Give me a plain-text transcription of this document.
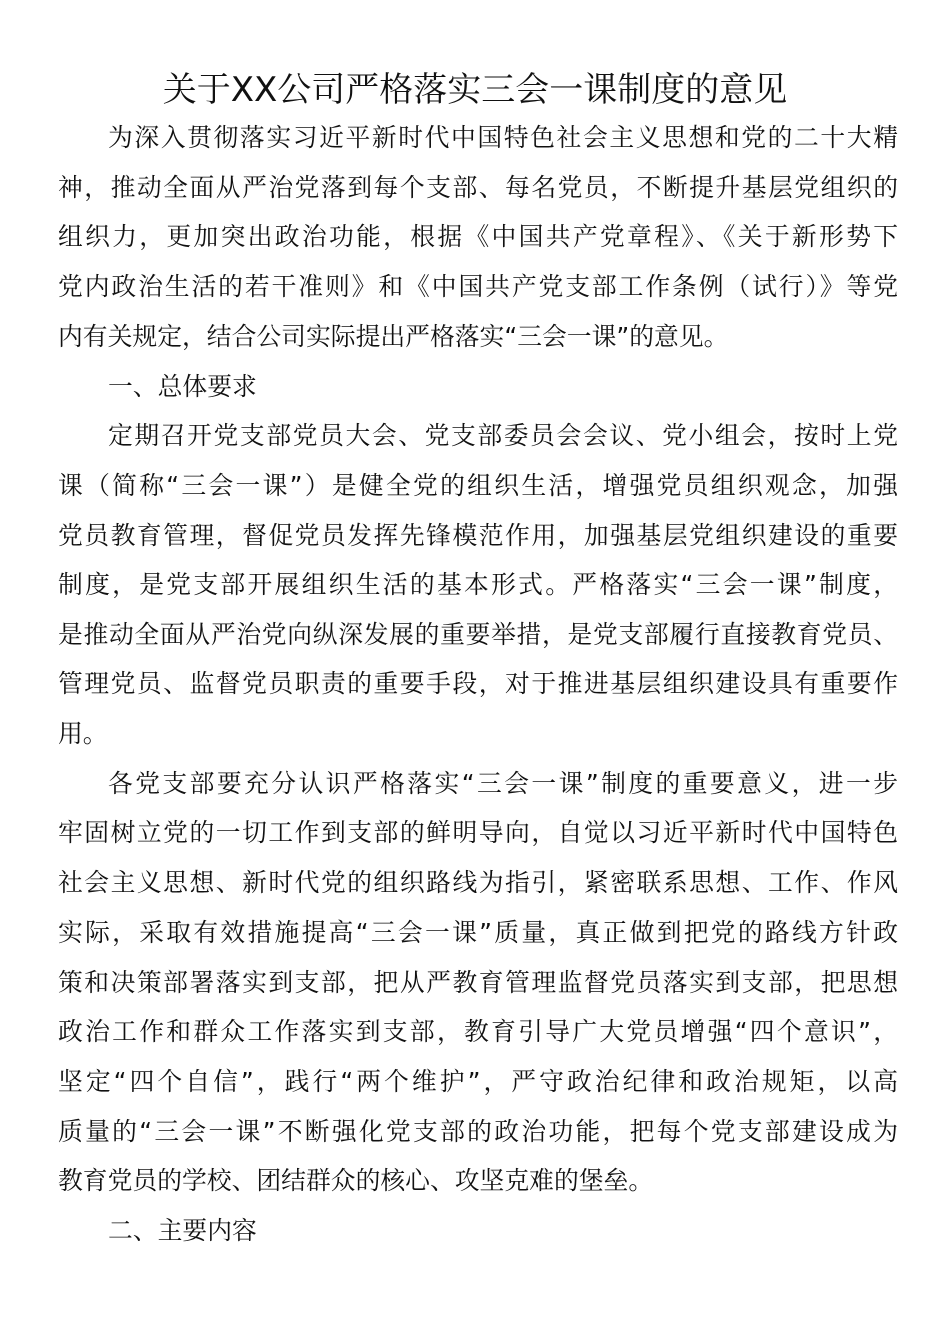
关于XX公司严格落实三会一课制度的意见
为深入贯彻落实习近平新时代中国特色社会主义思想和党的二十大精
神，推动全面从严治党落到每个支部、每名党员，不断提升基层党组织的
组织力，更加突出政治功能，根据《中国共产党章程》、《关于新形势下
党内政治生活的若干准则》和《中国共产党支部工作条例（试行）》等党
内有关规定，结合公司实际提出严格落实“三会一课”的意见。
一、总体要求
定期召开党支部党员大会、党支部委员会会议、党小组会，按时上党
课（简称“三会一课”）是健全党的组织生活，增强党员组织观念，加强
党员教育管理，督促党员发挥先锋模范作用，加强基层党组织建设的重要
制度，是党支部开展组织生活的基本形式。严格落实“三会一课”制度，
是推动全面从严治党向纵深发展的重要举措，是党支部履行直接教育党员、
管理党员、监督党员职责的重要手段，对于推进基层组织建设具有重要作
用。
各党支部要充分认识严格落实“三会一课”制度的重要意义，进一步
牢固树立党的一切工作到支部的鲜明导向，自觉以习近平新时代中国特色
社会主义思想、新时代党的组织路线为指引，紧密联系思想、工作、作风
实际，采取有效措施提高“三会一课”质量，真正做到把党的路线方针政
策和决策部署落实到支部，把从严教育管理监督党员落实到支部，把思想
政治工作和群众工作落实到支部，教育引导广大党员增强“四个意识”，
坚定“四个自信”，践行“两个维护”，严守政治纪律和政治规矩，以高
质量的“三会一课”不断强化党支部的政治功能，把每个党支部建设成为
教育党员的学校、团结群众的核心、攻坚克难的堡垒。
二、主要内容
